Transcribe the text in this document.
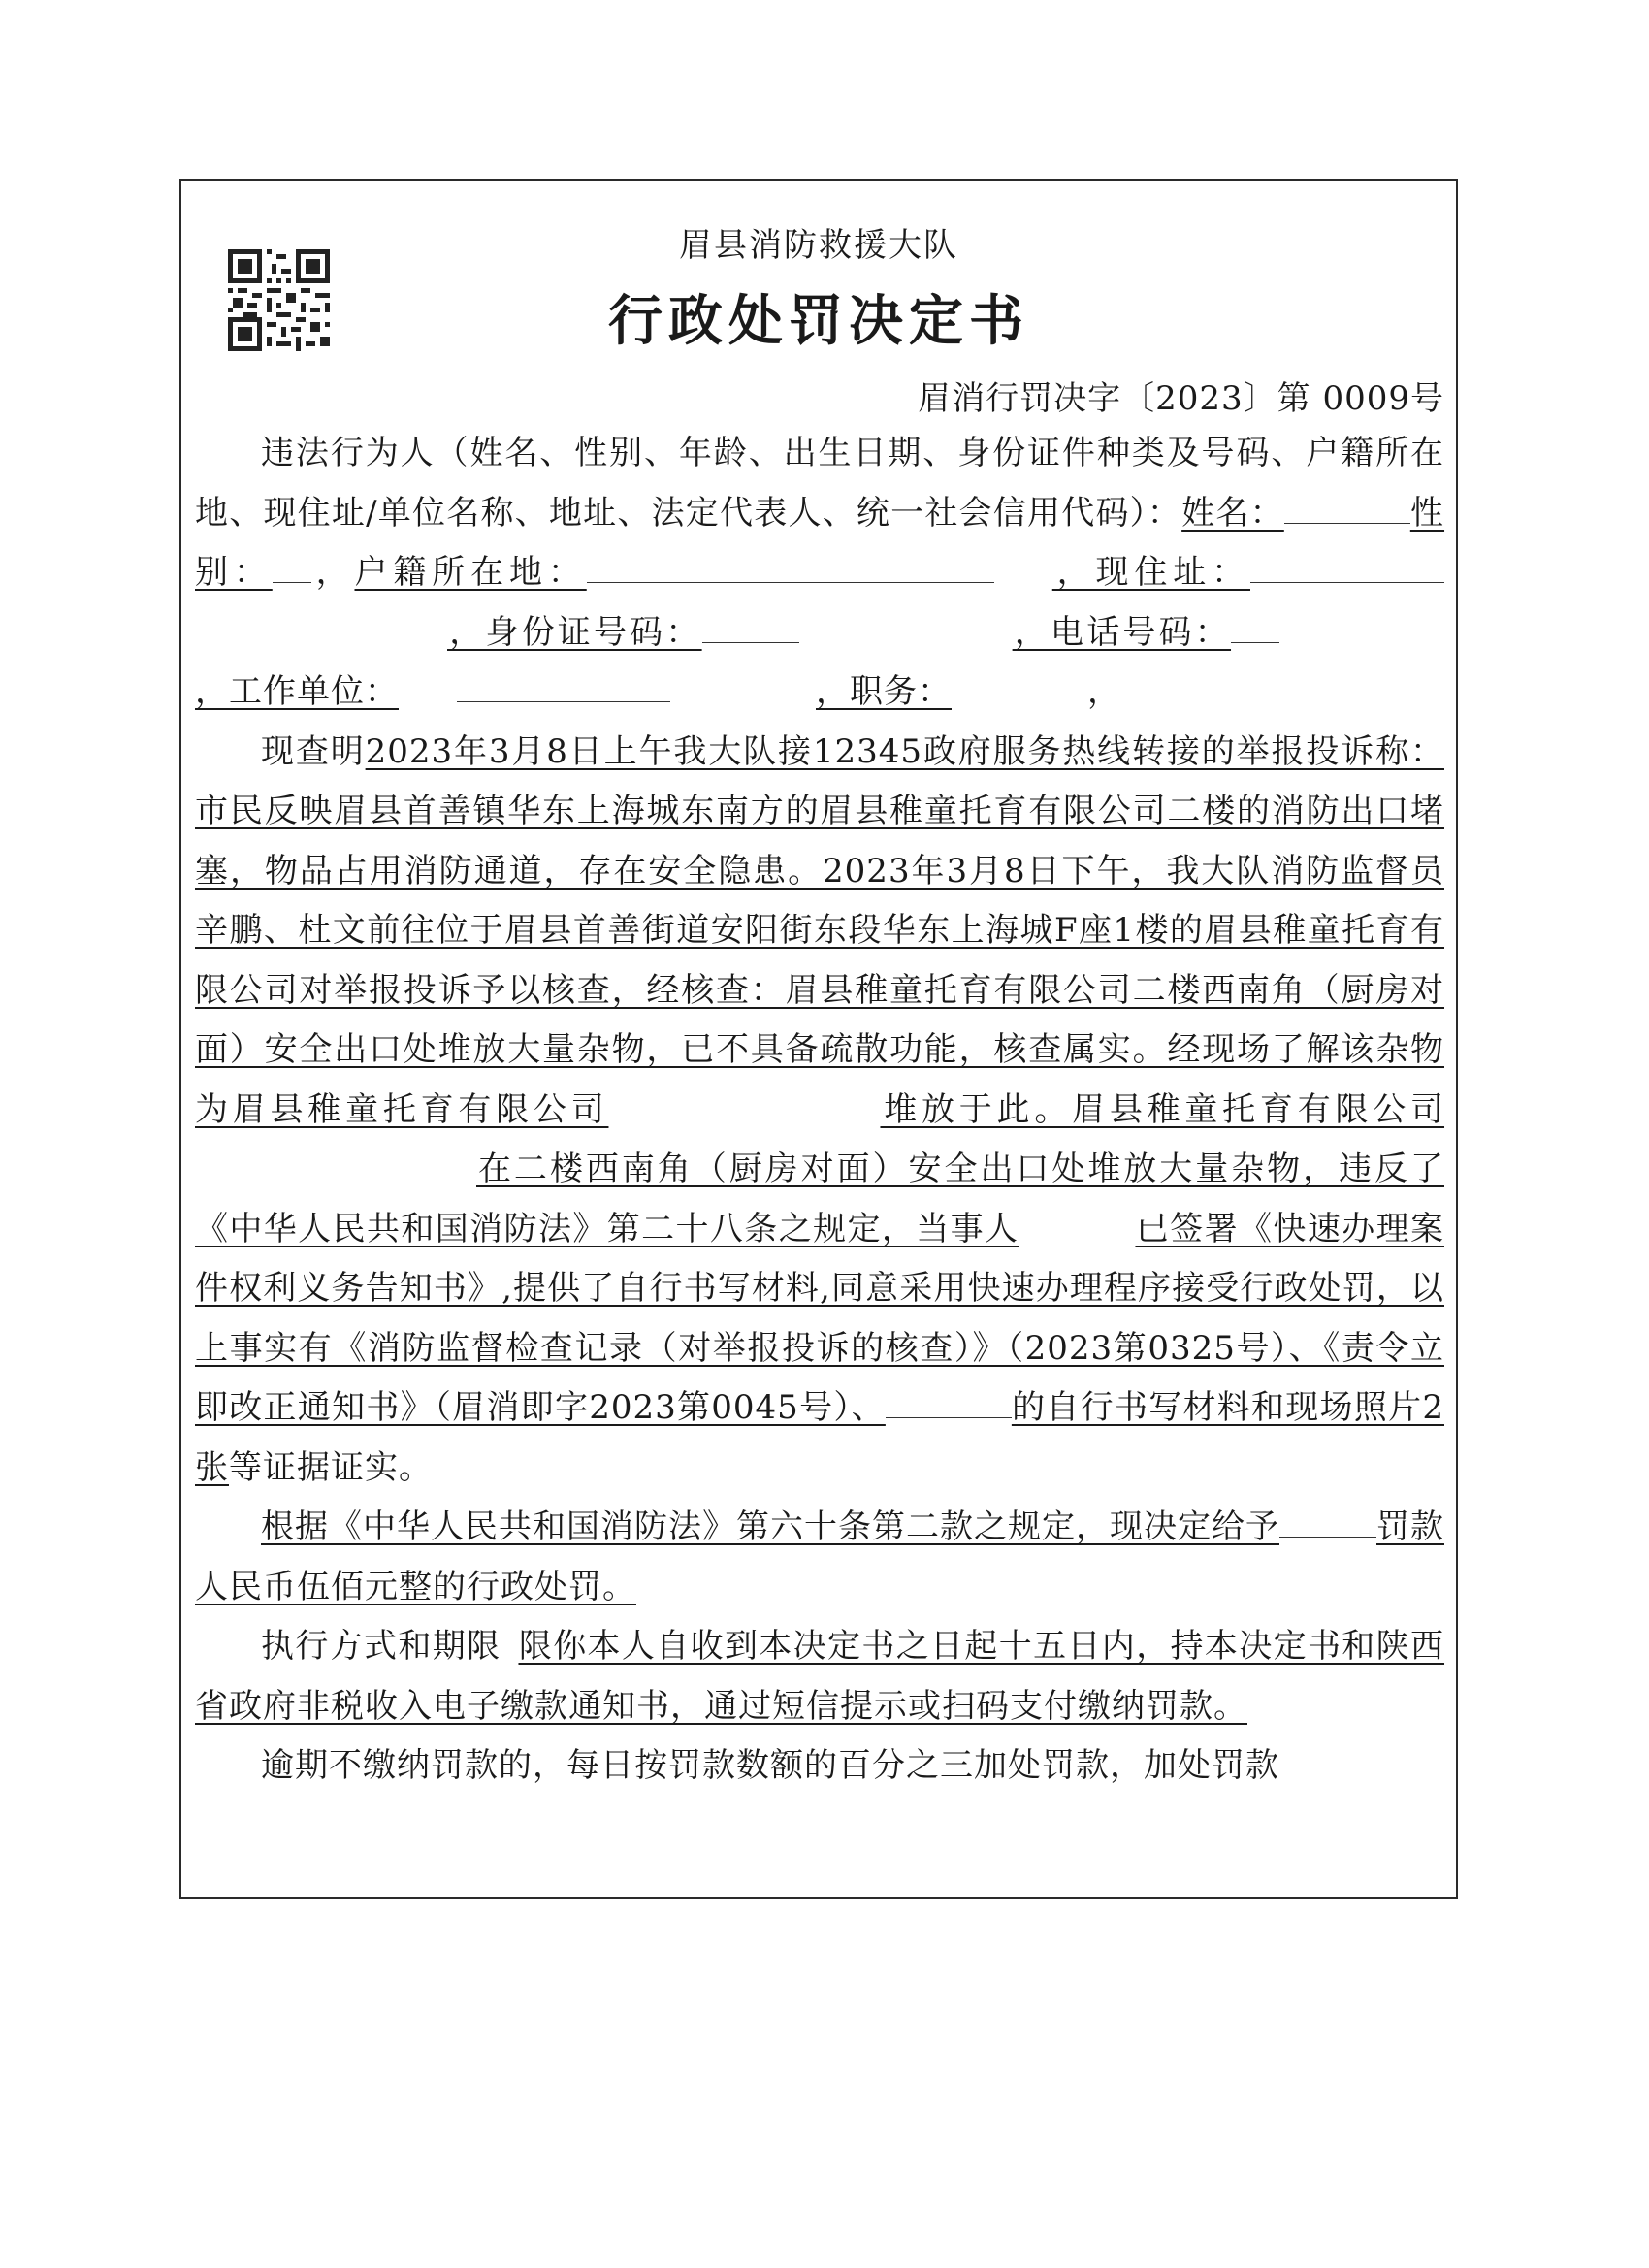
眉县消防救援大队
行政处罚决定书
眉消行罚决字〔2023〕第 0009号

违法行为人（姓名、性别、年龄、出生日期、身份证件种类及号码、户籍所在地、现住址/单位名称、地址、法定代表人、统一社会信用代码）：姓名：	性别： ，户籍所在地：	，现住址：，身份证号码：	，电话号码：，工作单位：	，职务：	，

现查明2023年3月8日上午我大队接12345政府服务热线转接的举报投诉称：市民反映眉县首善镇华东上海城东南方的眉县稚童托育有限公司二楼的消防出口堵塞，物品占用消防通道，存在安全隐患。2023年3月8日下午，我大队消防监督员辛鹏、杜文前往位于眉县首善街道安阳街东段华东上海城F座1楼的眉县稚童托育有限公司对举报投诉予以核查，经核查：眉县稚童托育有限公司二楼西南角（厨房对面）安全出口处堆放大量杂物，已不具备疏散功能，核查属实。经现场了解该杂物为眉县稚童托育有限公司	堆放于此。眉县稚童托育有限公司在二楼西南角（厨房对面）安全出口处堆放大量杂物，违反了《中华人民共和国消防法》第二十八条之规定，当事人	已签署《快速办理案件权利义务告知书》,提供了自行书写材料,同意采用快速办理程序接受行政处罚，以上事实有《消防监督检查记录（对举报投诉的核查）》（2023第0325号）、《责令立即改正通知书》（眉消即字2023第0045号）、	的自行书写材料和现场照片2张等证据证实。

根据《中华人民共和国消防法》第六十条第二款之规定，现决定给予	罚款人民币伍佰元整的行政处罚。

执行方式和期限 限你本人自收到本决定书之日起十五日内，持本决定书和陕西省政府非税收入电子缴款通知书，通过短信提示或扫码支付缴纳罚款。

逾期不缴纳罚款的，每日按罚款数额的百分之三加处罚款，加处罚款
